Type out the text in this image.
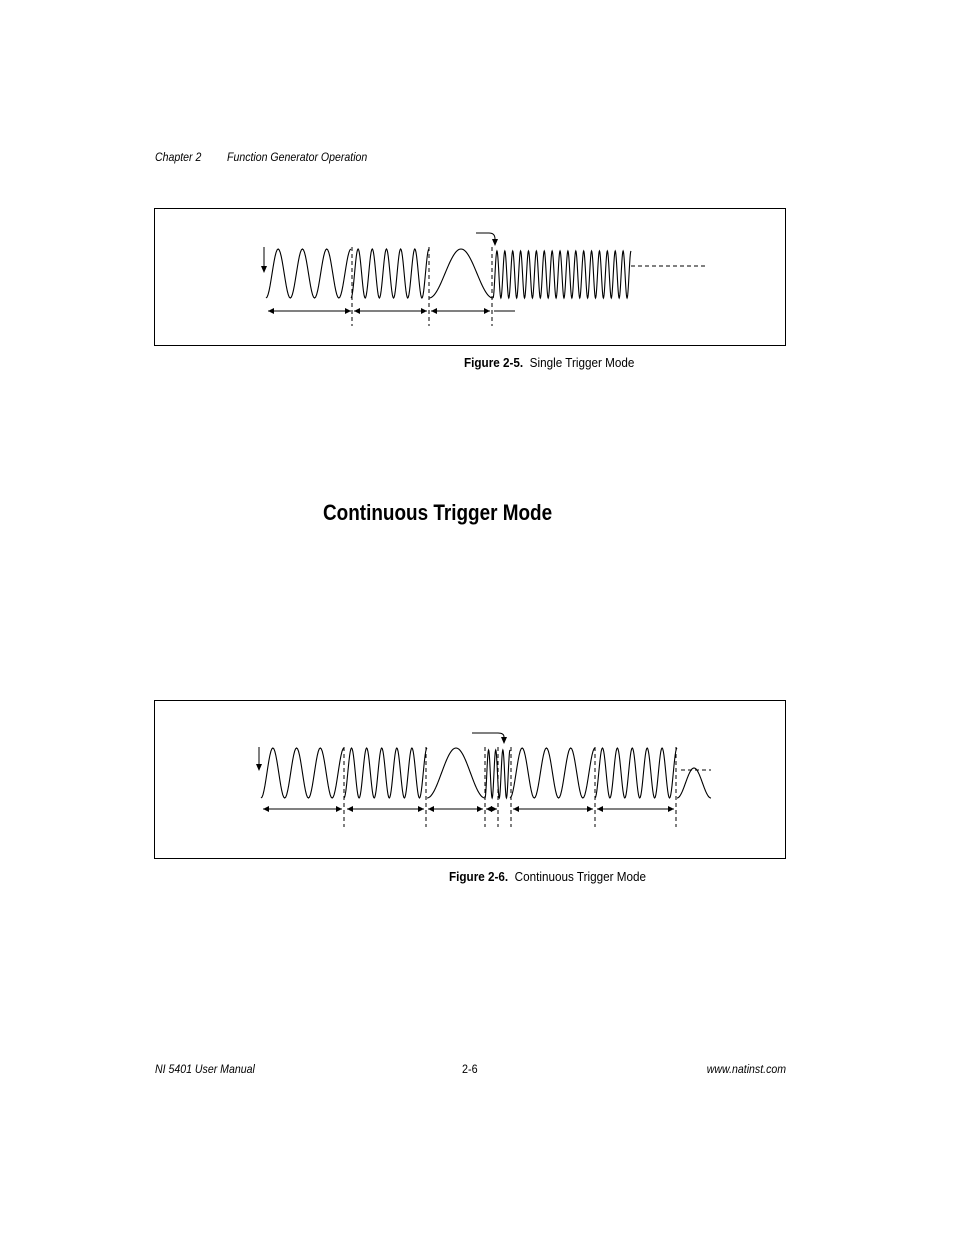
Chapter 2 Function Generator Operation
Figure 2-5. Single Trigger Mode
Continuous Trigger Mode
Figure 2-6. Continuous Trigger Mode
NI 5401 User Manual	2-6	www.natinst.com
